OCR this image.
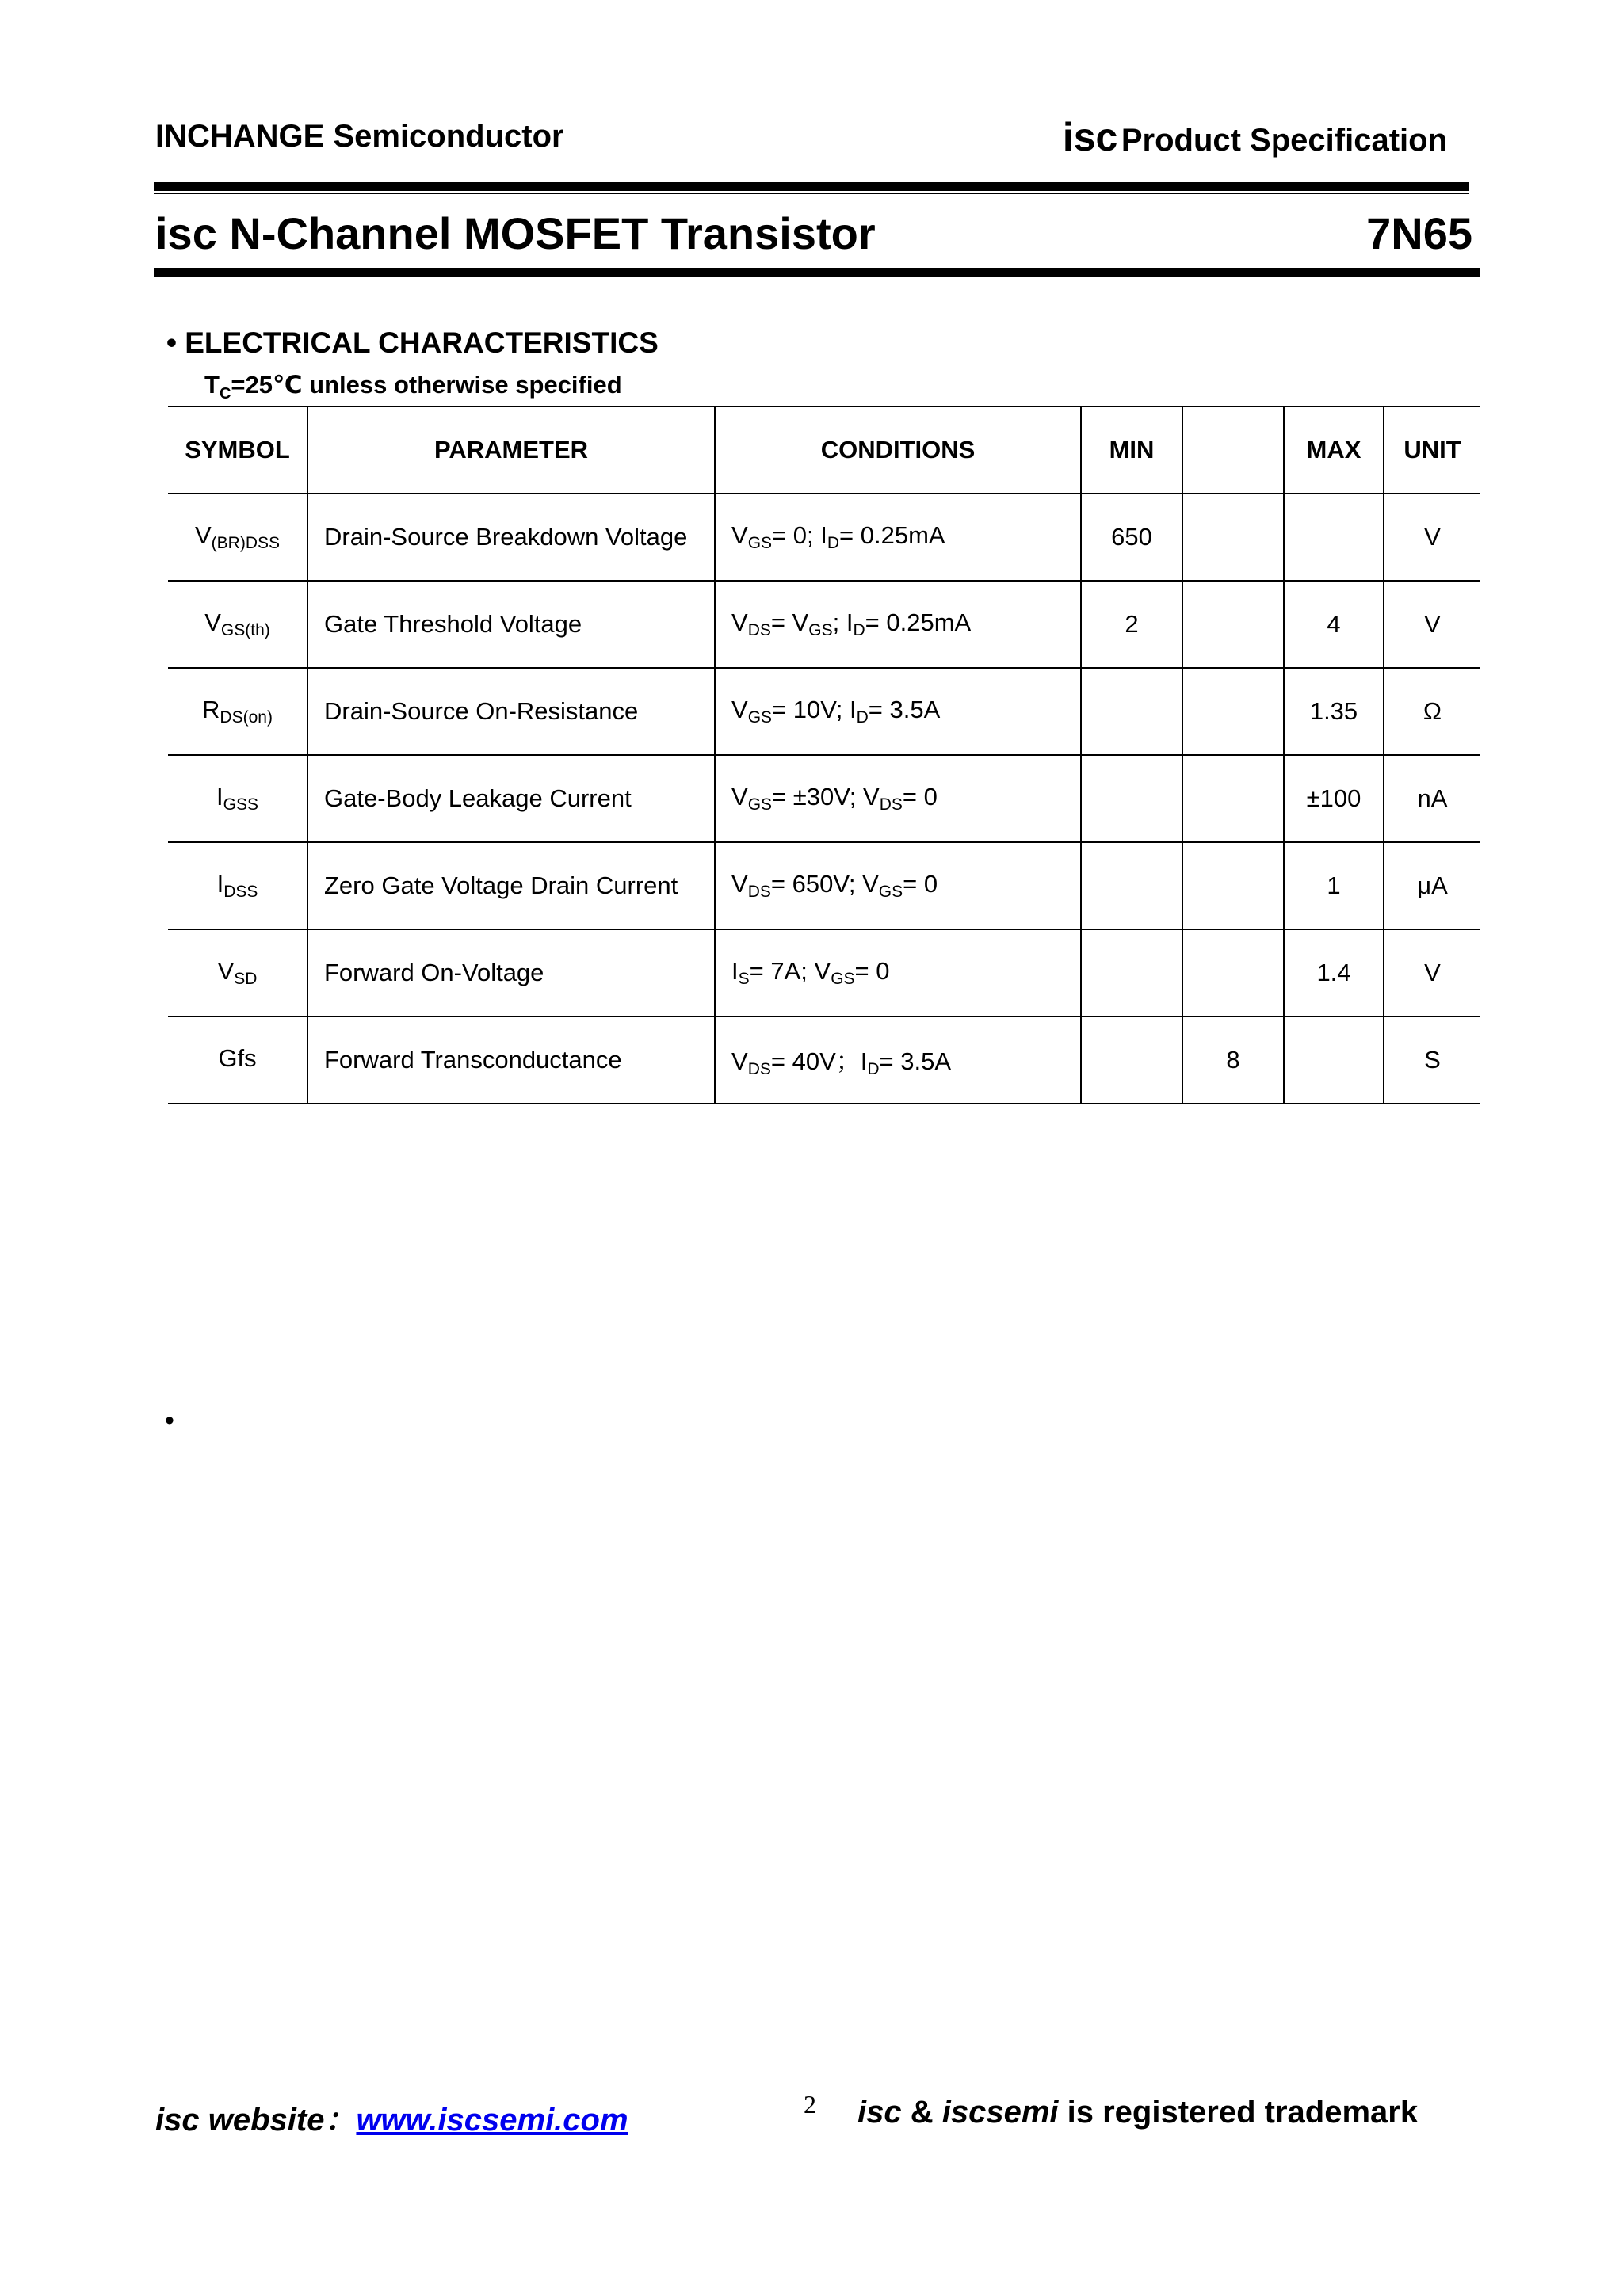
INCHANGE Semiconductor	isc Product Specification
isc N-Channel MOSFET Transistor	7N65
• ELECTRICAL CHARACTERISTICS
$T_C=25℃$ unless otherwise specified
SYMBOL	PARAMETER	CONDITIONS	MIN		MAX	UNIT
$V_{(BR)DSS}$	Drain-Source Breakdown Voltage	$V_{GS}= 0$; $I_D= 0.25mA$	650			V
$V_{GS(th)}$	Gate Threshold Voltage	$V_{DS}= V_{GS}$; $I_D= 0.25mA$	2		4	V
$R_{DS(on)}$	Drain-Source On-Resistance	$V_{GS}= 10V$; $I_D= 3.5A$			1.35	Ω
$I_{GSS}$	Gate-Body Leakage Current	$V_{GS}= \pm 30V$; $V_{DS}= 0$			±100	nA
$I_{DSS}$	Zero Gate Voltage Drain Current	$V_{DS}= 650V$; $V_{GS}= 0$			1	μA
$V_{SD}$	Forward On-Voltage	$I_S= 7A$; $V_{GS}= 0$			1.4	V
Gfs	Forward Transconductance	$V_{DS}= 40V$；$I_D= 3.5A$		8		S
•
isc website：www.iscsemi.com	2 isc & iscsemi is registered trademark
